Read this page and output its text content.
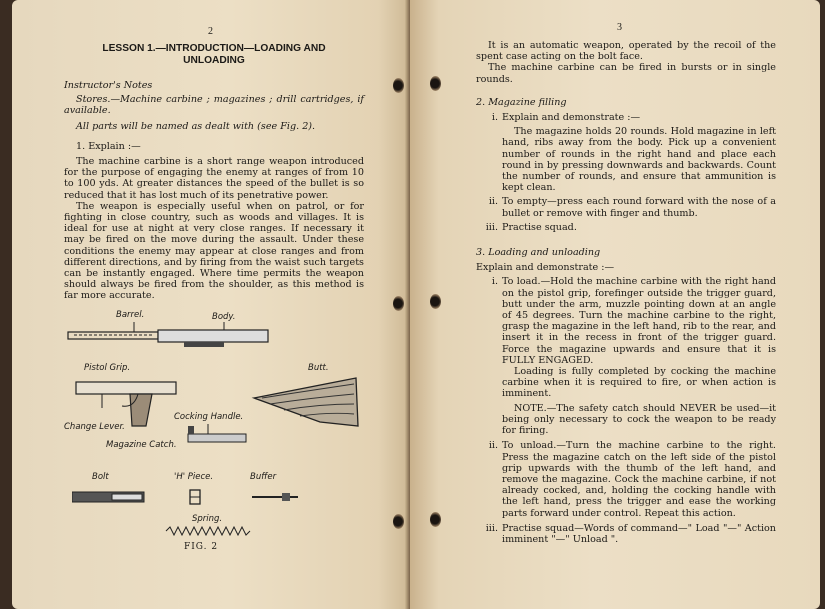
2
LESSON 1.—INTRODUCTION—LOADING AND
UNLOADING

Instructor's Notes

Stores.—Machine carbine ; magazines ; drill cartridges, if available.

All parts will be named as dealt with (see Fig. 2).

1. Explain :—

The machine carbine is a short range weapon introduced for the purpose of engaging the enemy at ranges of from 10 to 100 yds. At greater distances the speed of the bullet is so reduced that it has lost much of its penetrative power.

The weapon is especially useful when on patrol, or for fighting in close country, such as woods and villages. It is ideal for use at night at very close ranges. If necessary it may be fired on the move during the assault. Under these conditions the enemy may appear at close ranges and from different directions, and by firing from the waist such targets can be instantly engaged. Where time permits the weapon should always be fired from the shoulder, as this method is far more accurate.

Barrel.	Body.
Pistol Grip.	Butt.
Change Lever.
Magazine Catch.
Cocking Handle.
Bolt	'H' Piece.	Buffer
Spring.
FIG. 2
3

It is an automatic weapon, operated by the recoil of the spent case acting on the bolt face.

The machine carbine can be fired in bursts or in single rounds.

2. Magazine filling

i. Explain and demonstrate :—

The magazine holds 20 rounds. Hold magazine in left hand, ribs away from the body. Pick up a convenient number of rounds in the right hand and place each round in by pressing downwards and backwards. Count the number of rounds, and ensure that ammunition is kept clean.

ii. To empty—press each round forward with the nose of a bullet or remove with finger and thumb.
iii. Practise squad.

3. Loading and unloading

Explain and demonstrate :—

i. To load.—Hold the machine carbine with the right hand on the pistol grip, forefinger outside the trigger guard, butt under the arm, muzzle pointing down at an angle of 45 degrees. Turn the machine carbine to the right, grasp the magazine in the left hand, rib to the rear, and insert it in the recess in front of the trigger guard. Force the magazine upwards and ensure that it is FULLY ENGAGED.

Loading is fully completed by cocking the machine carbine when it is required to fire, or when action is imminent.

NOTE.—The safety catch should NEVER be used—it being only necessary to cock the weapon to be ready for firing.

ii. To unload.—Turn the machine carbine to the right. Press the magazine catch on the left side of the pistol grip upwards with the thumb of the left hand, and remove the magazine. Cock the machine carbine, if not already cocked, and, holding the cocking handle with the left hand, press the trigger and ease the working parts forward under control. Repeat this action.
iii. Practise squad—Words of command—" Load "—" Action imminent "—" Unload ".
